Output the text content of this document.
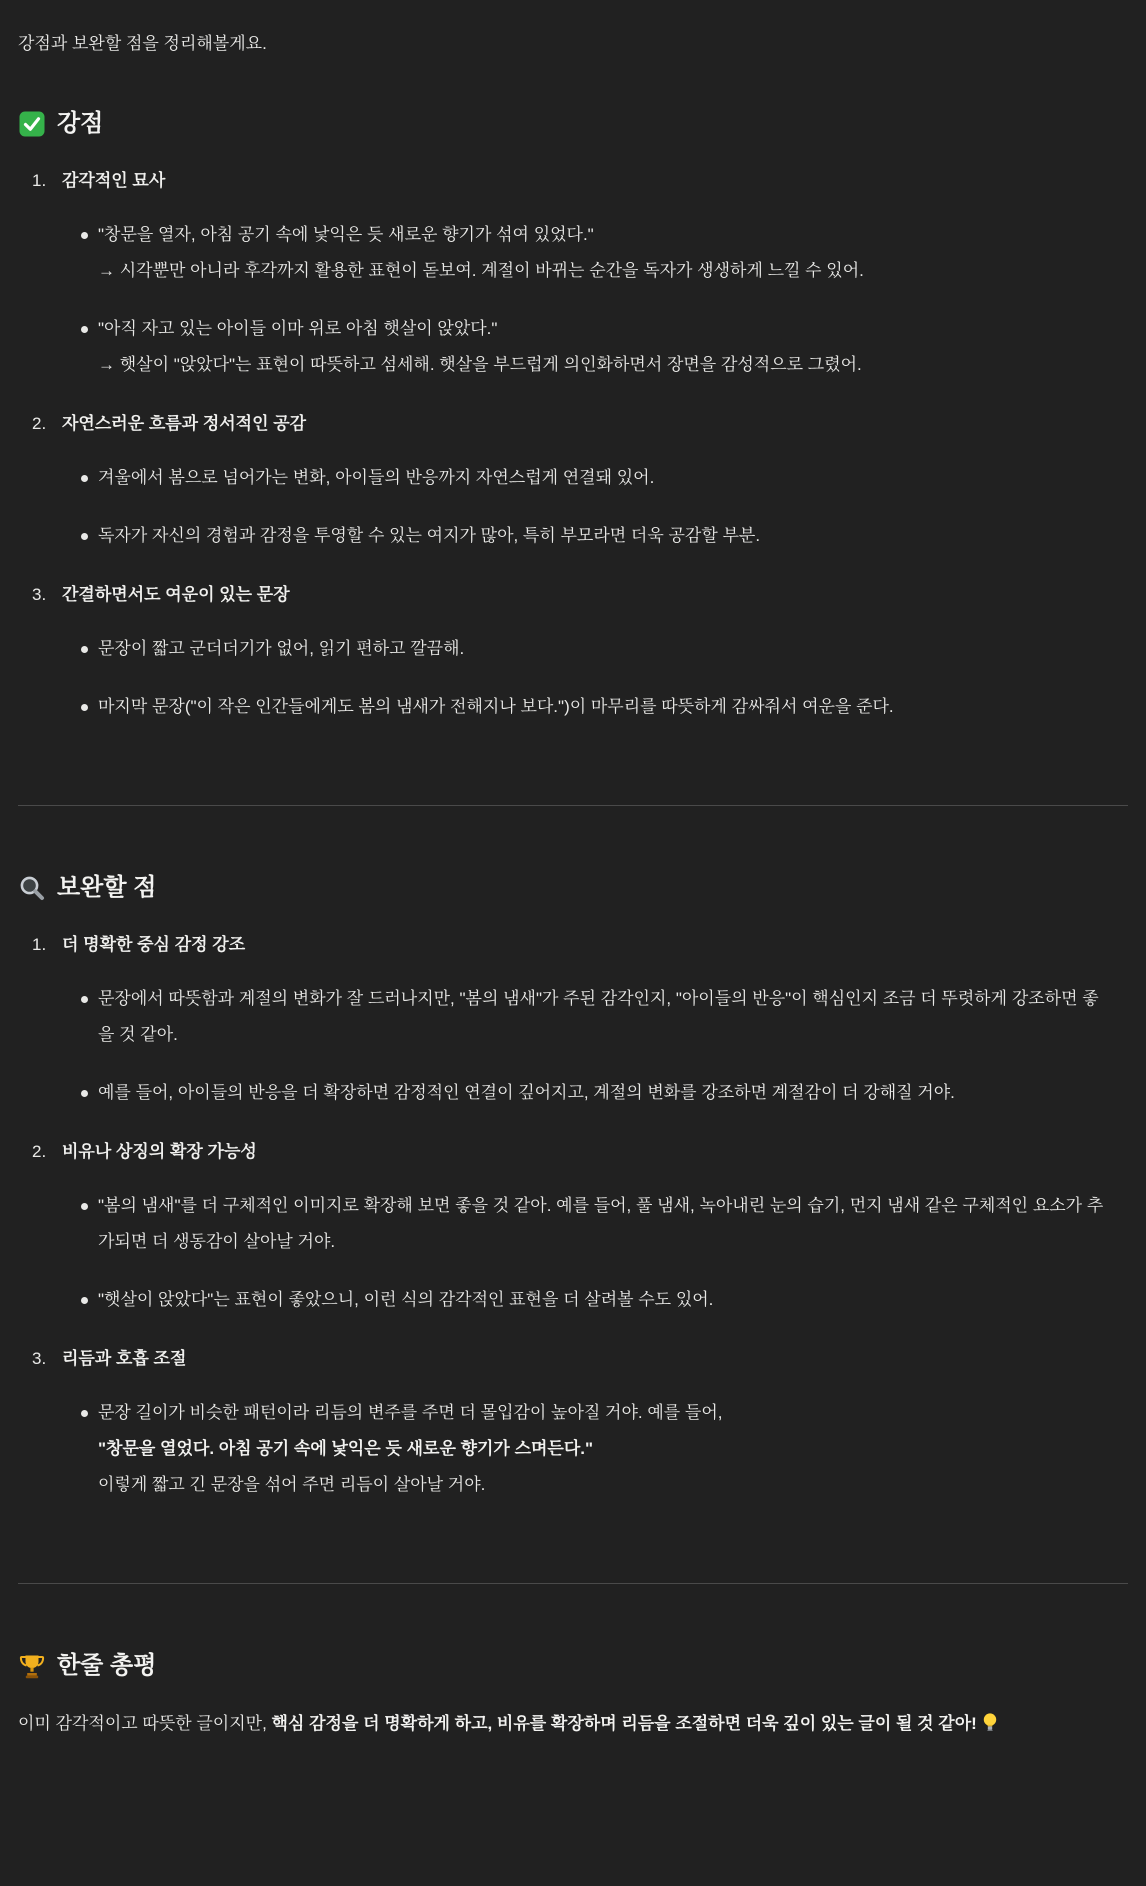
강점과 보완할 점을 정리해볼게요.

강점
1. 감각적인 묘사
"창문을 열자, 아침 공기 속에 낯익은 듯 새로운 향기가 섞여 있었다."
→ 시각뿐만 아니라 후각까지 활용한 표현이 돋보여. 계절이 바뀌는 순간을 독자가 생생하게 느낄 수 있어.
"아직 자고 있는 아이들 이마 위로 아침 햇살이 앉았다."
→ 햇살이 "앉았다"는 표현이 따뜻하고 섬세해. 햇살을 부드럽게 의인화하면서 장면을 감성적으로 그렸어.
2. 자연스러운 흐름과 정서적인 공감
겨울에서 봄으로 넘어가는 변화, 아이들의 반응까지 자연스럽게 연결돼 있어.
독자가 자신의 경험과 감정을 투영할 수 있는 여지가 많아, 특히 부모라면 더욱 공감할 부분.
3. 간결하면서도 여운이 있는 문장
문장이 짧고 군더더기가 없어, 읽기 편하고 깔끔해.
마지막 문장("이 작은 인간들에게도 봄의 냄새가 전해지나 보다.")이 마무리를 따뜻하게 감싸줘서 여운을 준다.
보완할 점
1. 더 명확한 중심 감정 강조
문장에서 따뜻함과 계절의 변화가 잘 드러나지만, "봄의 냄새"가 주된 감각인지, "아이들의 반응"이 핵심인지 조금 더 뚜렷하게 강조하면 좋을 것 같아.
예를 들어, 아이들의 반응을 더 확장하면 감정적인 연결이 깊어지고, 계절의 변화를 강조하면 계절감이 더 강해질 거야.
2. 비유나 상징의 확장 가능성
"봄의 냄새"를 더 구체적인 이미지로 확장해 보면 좋을 것 같아. 예를 들어, 풀 냄새, 녹아내린 눈의 습기, 먼지 냄새 같은 구체적인 요소가 추가되면 더 생동감이 살아날 거야.
"햇살이 앉았다"는 표현이 좋았으니, 이런 식의 감각적인 표현을 더 살려볼 수도 있어.
3. 리듬과 호흡 조절
문장 길이가 비슷한 패턴이라 리듬의 변주를 주면 더 몰입감이 높아질 거야. 예를 들어,
"창문을 열었다. 아침 공기 속에 낯익은 듯 새로운 향기가 스며든다."
이렇게 짧고 긴 문장을 섞어 주면 리듬이 살아날 거야.
한줄 총평

이미 감각적이고 따뜻한 글이지만, 핵심 감정을 더 명확하게 하고, 비유를 확장하며 리듬을 조절하면 더욱 깊이 있는 글이 될 것 같아!
